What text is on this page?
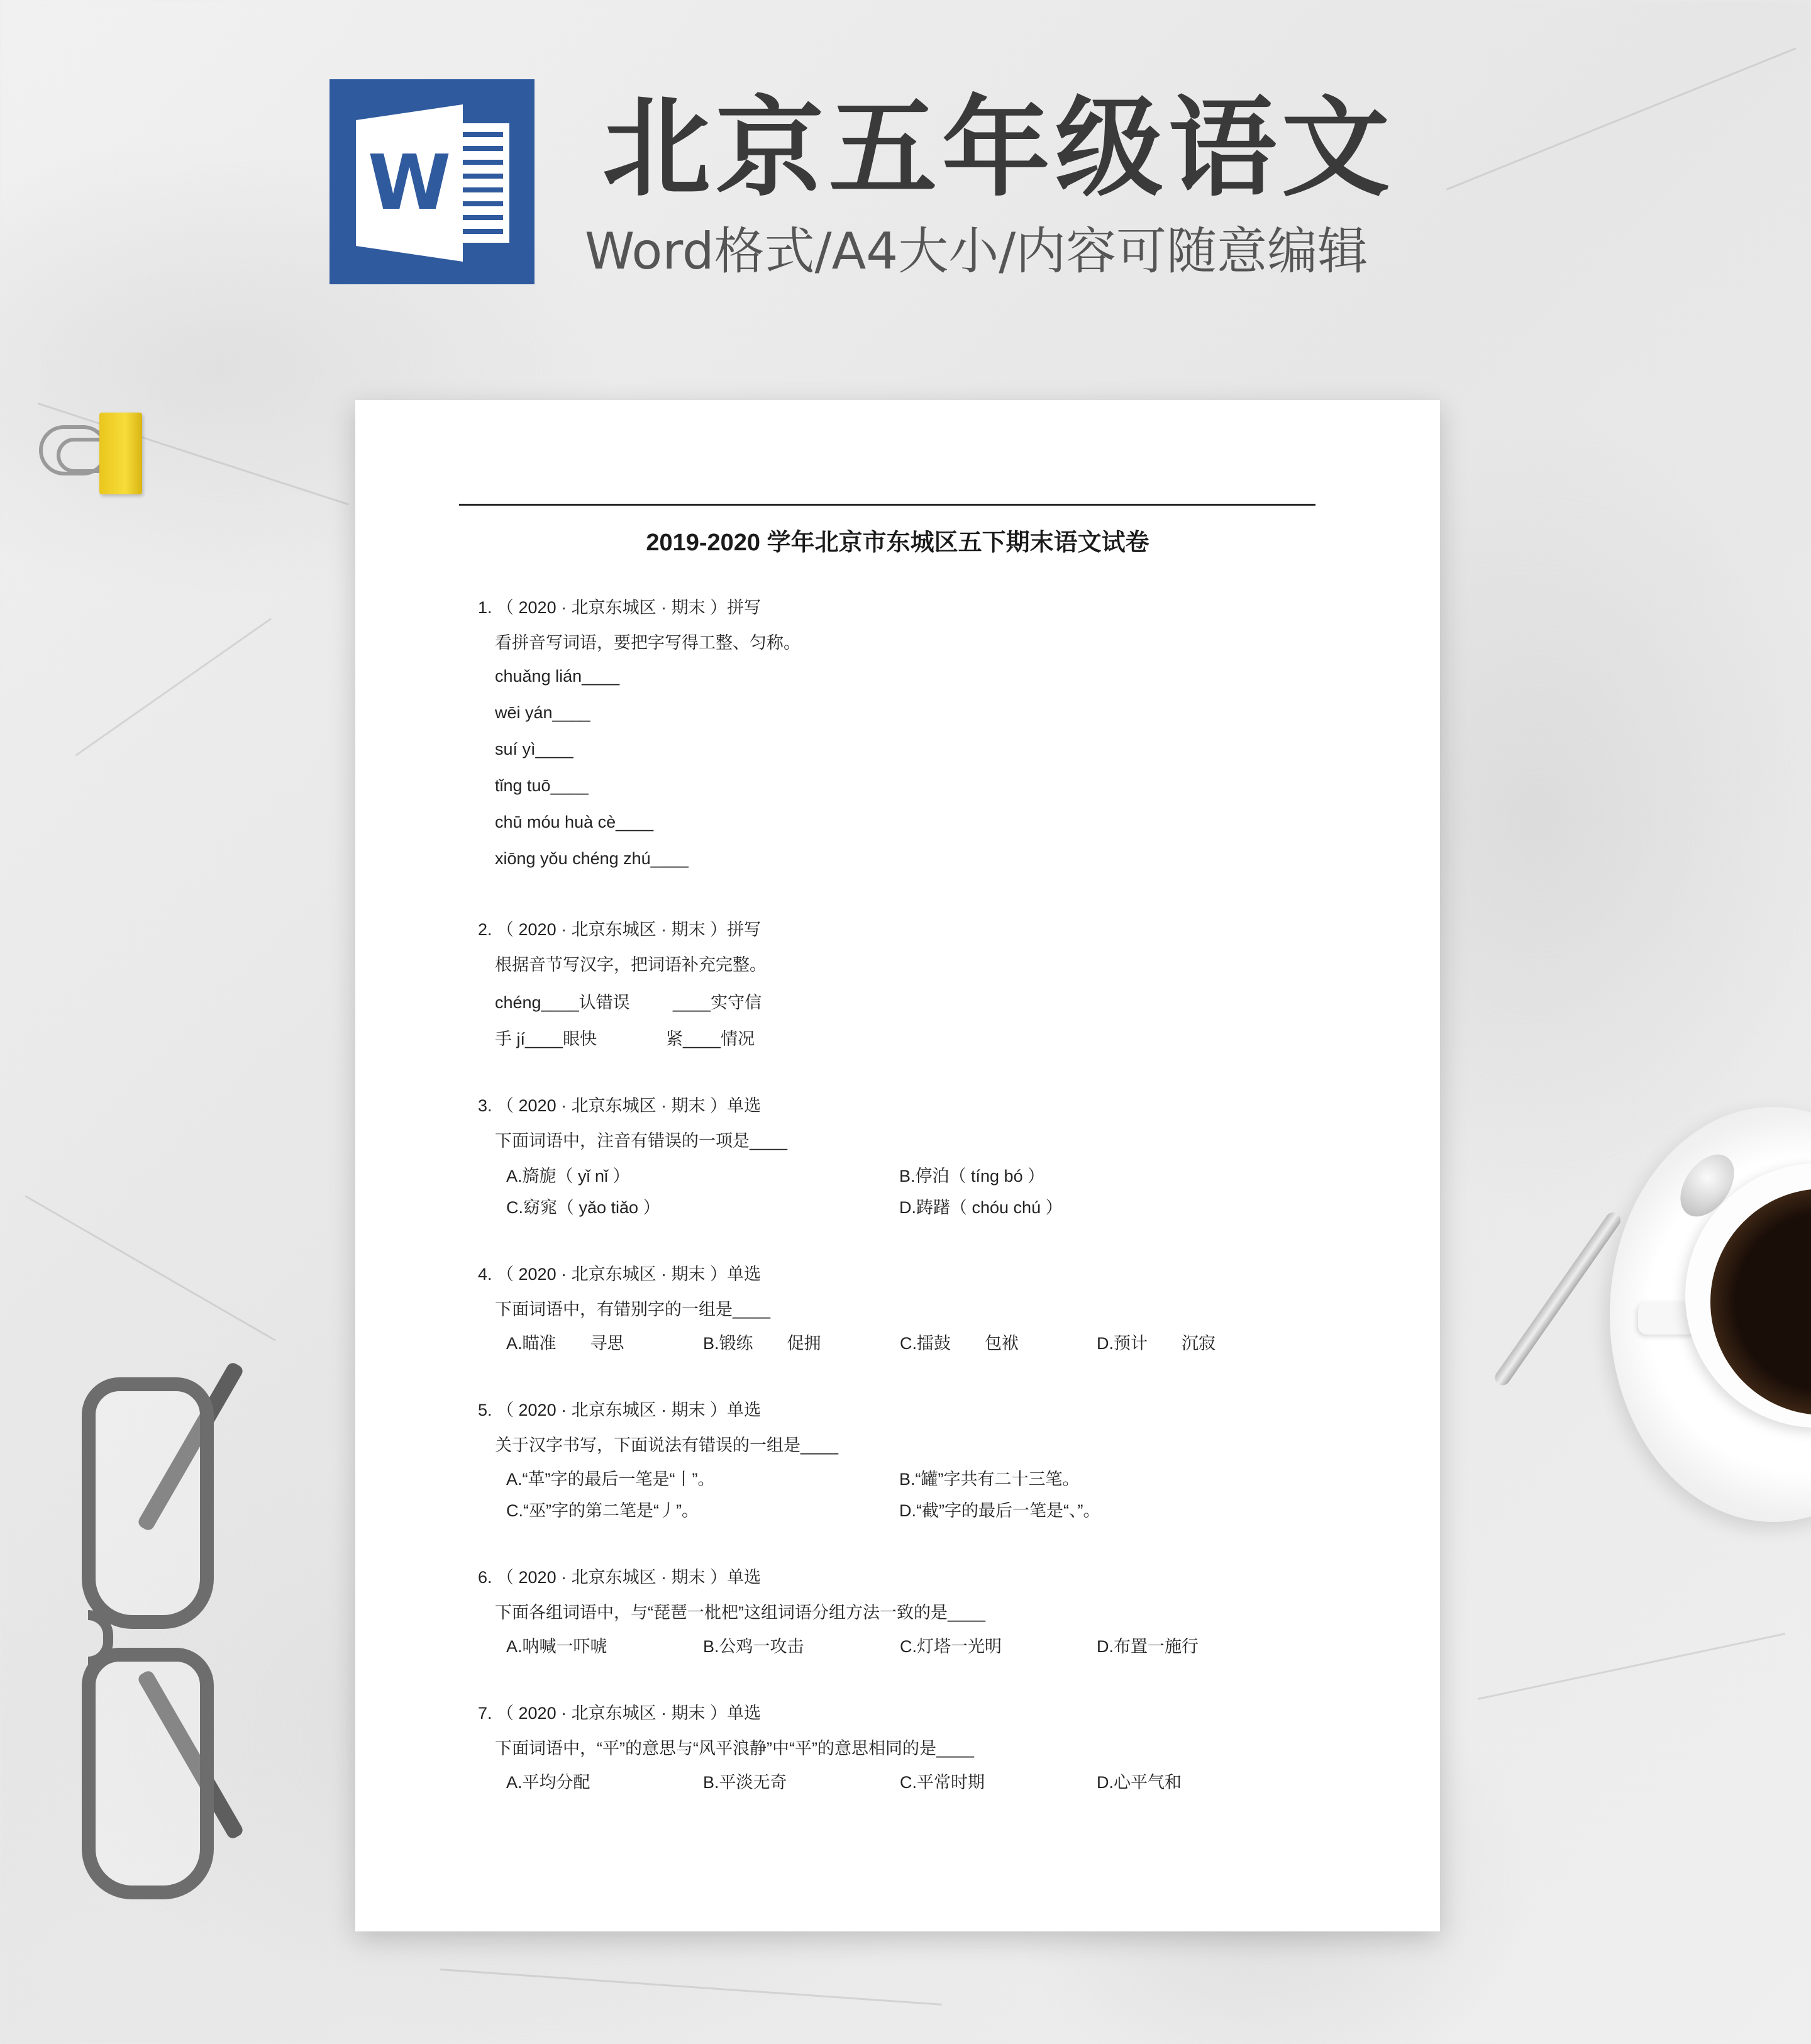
W 北京五年级语文
Word格式/A4大小/内容可随意编辑
2019-2020 学年北京市东城区五下期末语文试卷
1. （ 2020 · 北京东城区 · 期末 ）拼写
看拼音写词语，要把字写得工整、匀称。
chuǎng lián____
wēi yán____
suí yì____
tǐng tuō____
chū móu huà cè____
xiōng yǒu chéng zhú____
2. （ 2020 · 北京东城区 · 期末 ）拼写
根据音节写汉字，把词语补充完整。
chéng____认错误	____实守信
手 jí____眼快	紧____情况
3. （ 2020 · 北京东城区 · 期末 ）单选
下面词语中，注音有错误的一项是____
A.旖旎（ yǐ nǐ ）	B.停泊（ tíng bó ）
C.窈窕（ yǎo tiǎo ）	D.踌躇（ chóu chú ）
4. （ 2020 · 北京东城区 · 期末 ）单选
下面词语中，有错别字的一组是____
A.瞄准　　寻思	B.锻练　　促拥	C.擂鼓　　包袱	D.预计　　沉寂
5. （ 2020 · 北京东城区 · 期末 ）单选
关于汉字书写，下面说法有错误的一组是____
A.“革”字的最后一笔是“丨”。	B.“罐”字共有二十三笔。
C.“巫”字的第二笔是“丿”。	D.“截”字的最后一笔是“、”。
6. （ 2020 · 北京东城区 · 期末 ）单选
下面各组词语中，与“琵琶一枇杷”这组词语分组方法一致的是____
A.呐喊一吓唬	B.公鸡一攻击	C.灯塔一光明	D.布置一施行
7. （ 2020 · 北京东城区 · 期末 ）单选
下面词语中，“平”的意思与“风平浪静”中“平”的意思相同的是____
A.平均分配	B.平淡无奇	C.平常时期	D.心平气和
